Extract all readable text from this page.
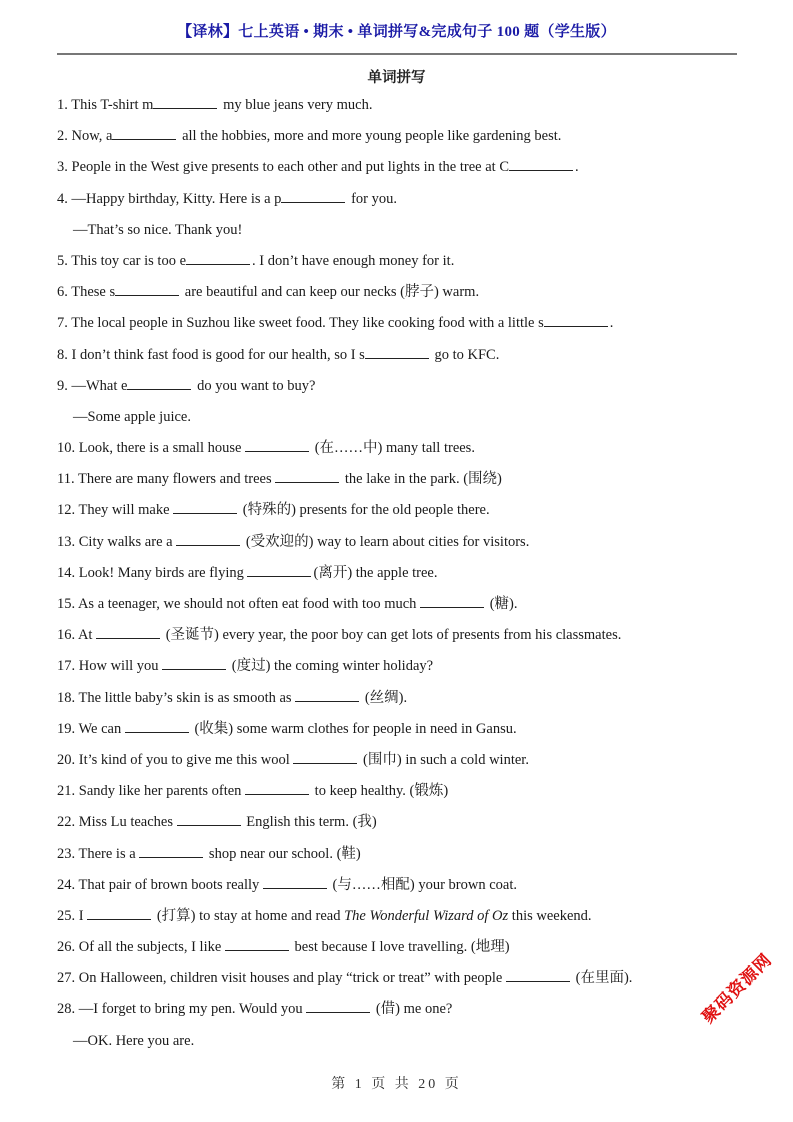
【译林】七上英语 • 期末 • 单词拼写&完成句子 100 题（学生版）
单词拼写
1. This T-shirt m	my blue jeans very much.
2. Now, a	all the hobbies, more and more young people like gardening best.
3. People in the West give presents to each other and put lights in the tree at C	.
4. —Happy birthday, Kitty. Here is a p	for you.
—That’s so nice. Thank you!
5. This toy car is too e	. I don’t have enough money for it.
6. These s	are beautiful and can keep our necks (脖子) warm.
7. The local people in Suzhou like sweet food. They like cooking food with a little s	.
8. I don’t think fast food is good for our health, so I s	go to KFC.
9. —What e	do you want to buy?
—Some apple juice.
10. Look, there is a small house	(在……中) many tall trees.
11. There are many flowers and trees	the lake in the park. (围绕)
12. They will make	(特殊的) presents for the old people there.
13. City walks are a	(受欢迎的) way to learn about cities for visitors.
14. Look! Many birds are flying	(离开) the apple tree.
15. As a teenager, we should not often eat food with too much	(糖).
16. At	(圣诞节) every year, the poor boy can get lots of presents from his classmates.
17. How will you	(度过) the coming winter holiday?
18. The little baby’s skin is as smooth as	(丝绸).
19. We can	(收集) some warm clothes for people in need in Gansu.
20. It’s kind of you to give me this wool	(围巾) in such a cold winter.
21. Sandy like her parents often	to keep healthy. (锻炼)
22. Miss Lu teaches	English this term. (我)
23. There is a	shop near our school. (鞋)
24. That pair of brown boots really	(与……相配) your brown coat.
25. I	(打算) to stay at home and read The Wonderful Wizard of Oz this weekend.
26. Of all the subjects, I like	best because I love travelling. (地理)
27. On Halloween, children visit houses and play “trick or treat” with people	(在里面).
28. —I forget to bring my pen. Would you	(借) me one?
—OK. Here you are.
第 1 页 共 20 页
聚码资源网
